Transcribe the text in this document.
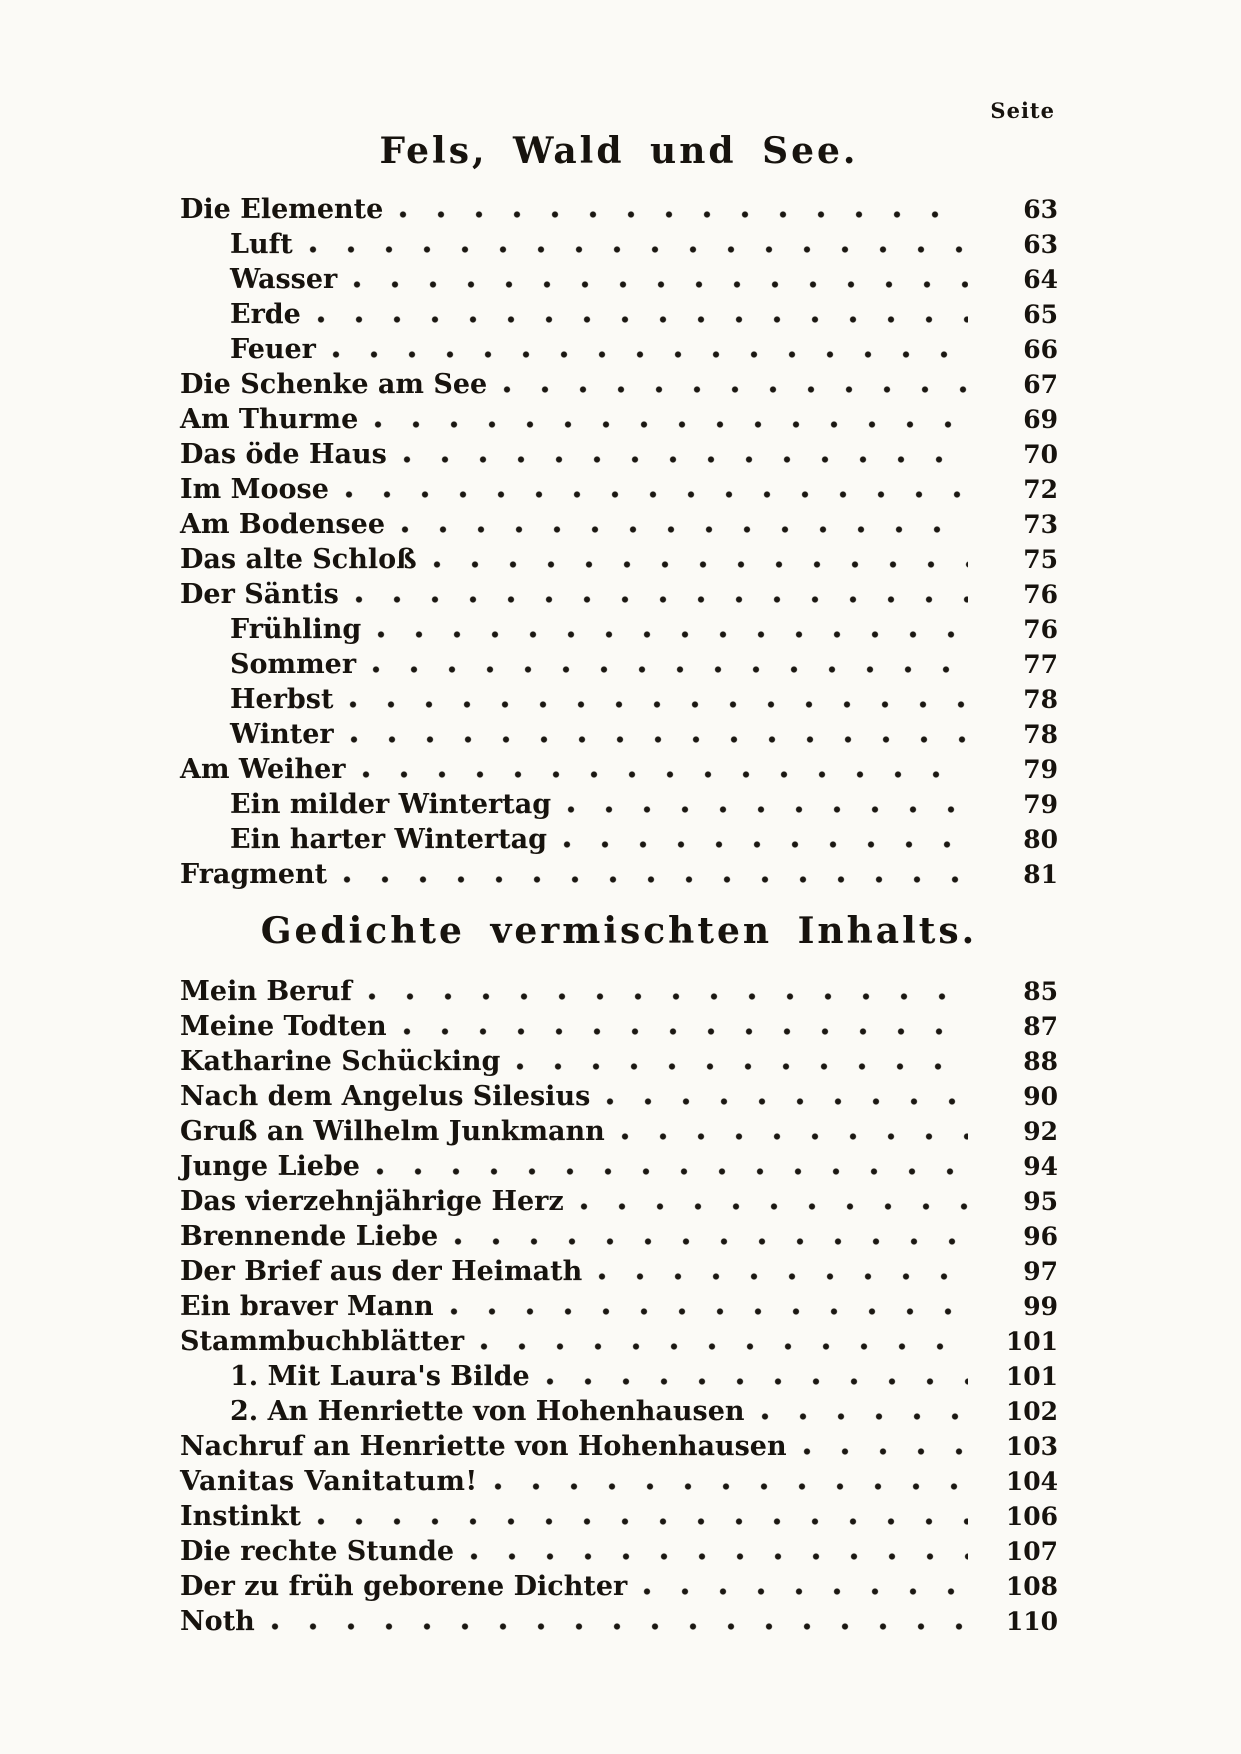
Seite
Fels, Wald und See.
Die Elemente	63
Luft	63
Wasser	64
Erde	65
Feuer	66
Die Schenke am See	67
Am Thurme	69
Das öde Haus	70
Im Moose	72
Am Bodensee	73
Das alte Schloß	75
Der Säntis	76
Frühling	76
Sommer	77
Herbst	78
Winter	78
Am Weiher	79
Ein milder Wintertag	79
Ein harter Wintertag	80
Fragment	81
Gedichte vermischten Inhalts.
Mein Beruf	85
Meine Todten	87
Katharine Schücking	88
Nach dem Angelus Silesius	90
Gruß an Wilhelm Junkmann	92
Junge Liebe	94
Das vierzehnjährige Herz	95
Brennende Liebe	96
Der Brief aus der Heimath	97
Ein braver Mann	99
Stammbuchblätter	101
1. Mit Laura's Bilde	101
2. An Henriette von Hohenhausen	102
Nachruf an Henriette von Hohenhausen	103
Vanitas Vanitatum!	104
Instinkt	106
Die rechte Stunde	107
Der zu früh geborene Dichter	108
Noth	110
